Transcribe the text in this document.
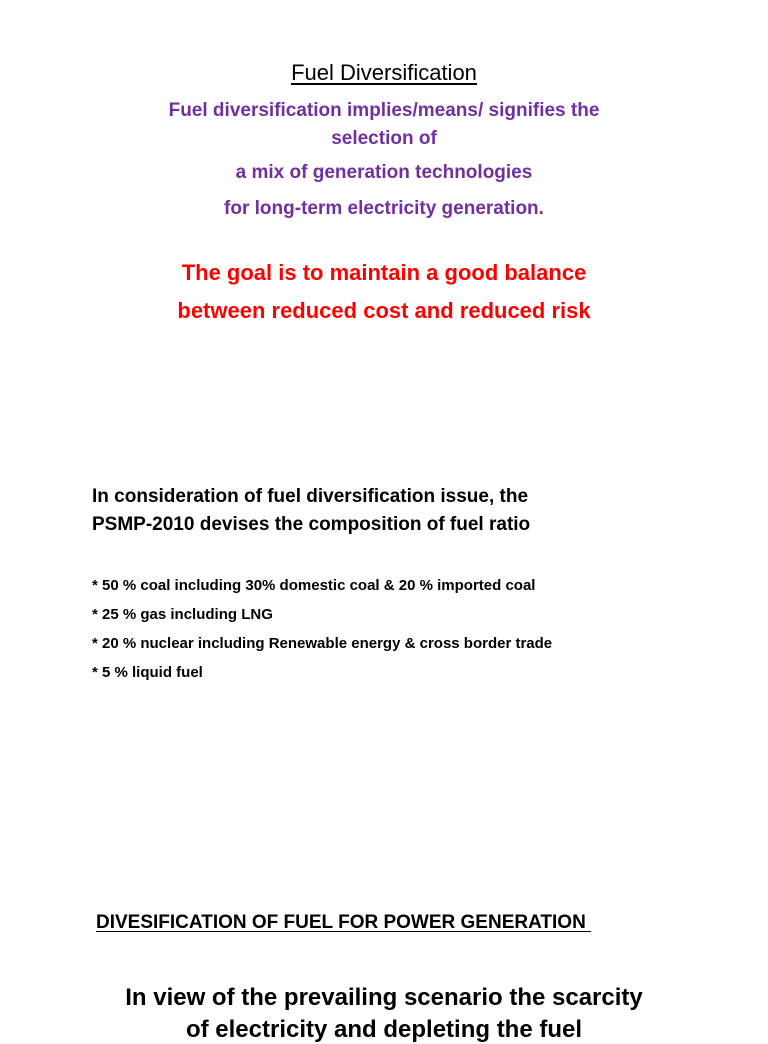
Fuel Diversification

Fuel diversification implies/means/ signifies the

selection of

a mix of generation technologies

for long-term electricity generation.

The goal is to maintain a good balance

between reduced cost and reduced risk

In consideration of fuel diversification issue, the

PSMP-2010 devises the composition of fuel ratio

* 50 % coal including 30% domestic coal & 20 % imported coal

* 25 % gas including LNG

* 20 % nuclear including Renewable energy & cross border trade

* 5 % liquid fuel

DIVESIFICATION OF FUEL FOR POWER GENERATION

In view of the prevailing scenario the scarcity

of electricity and depleting the fuel
